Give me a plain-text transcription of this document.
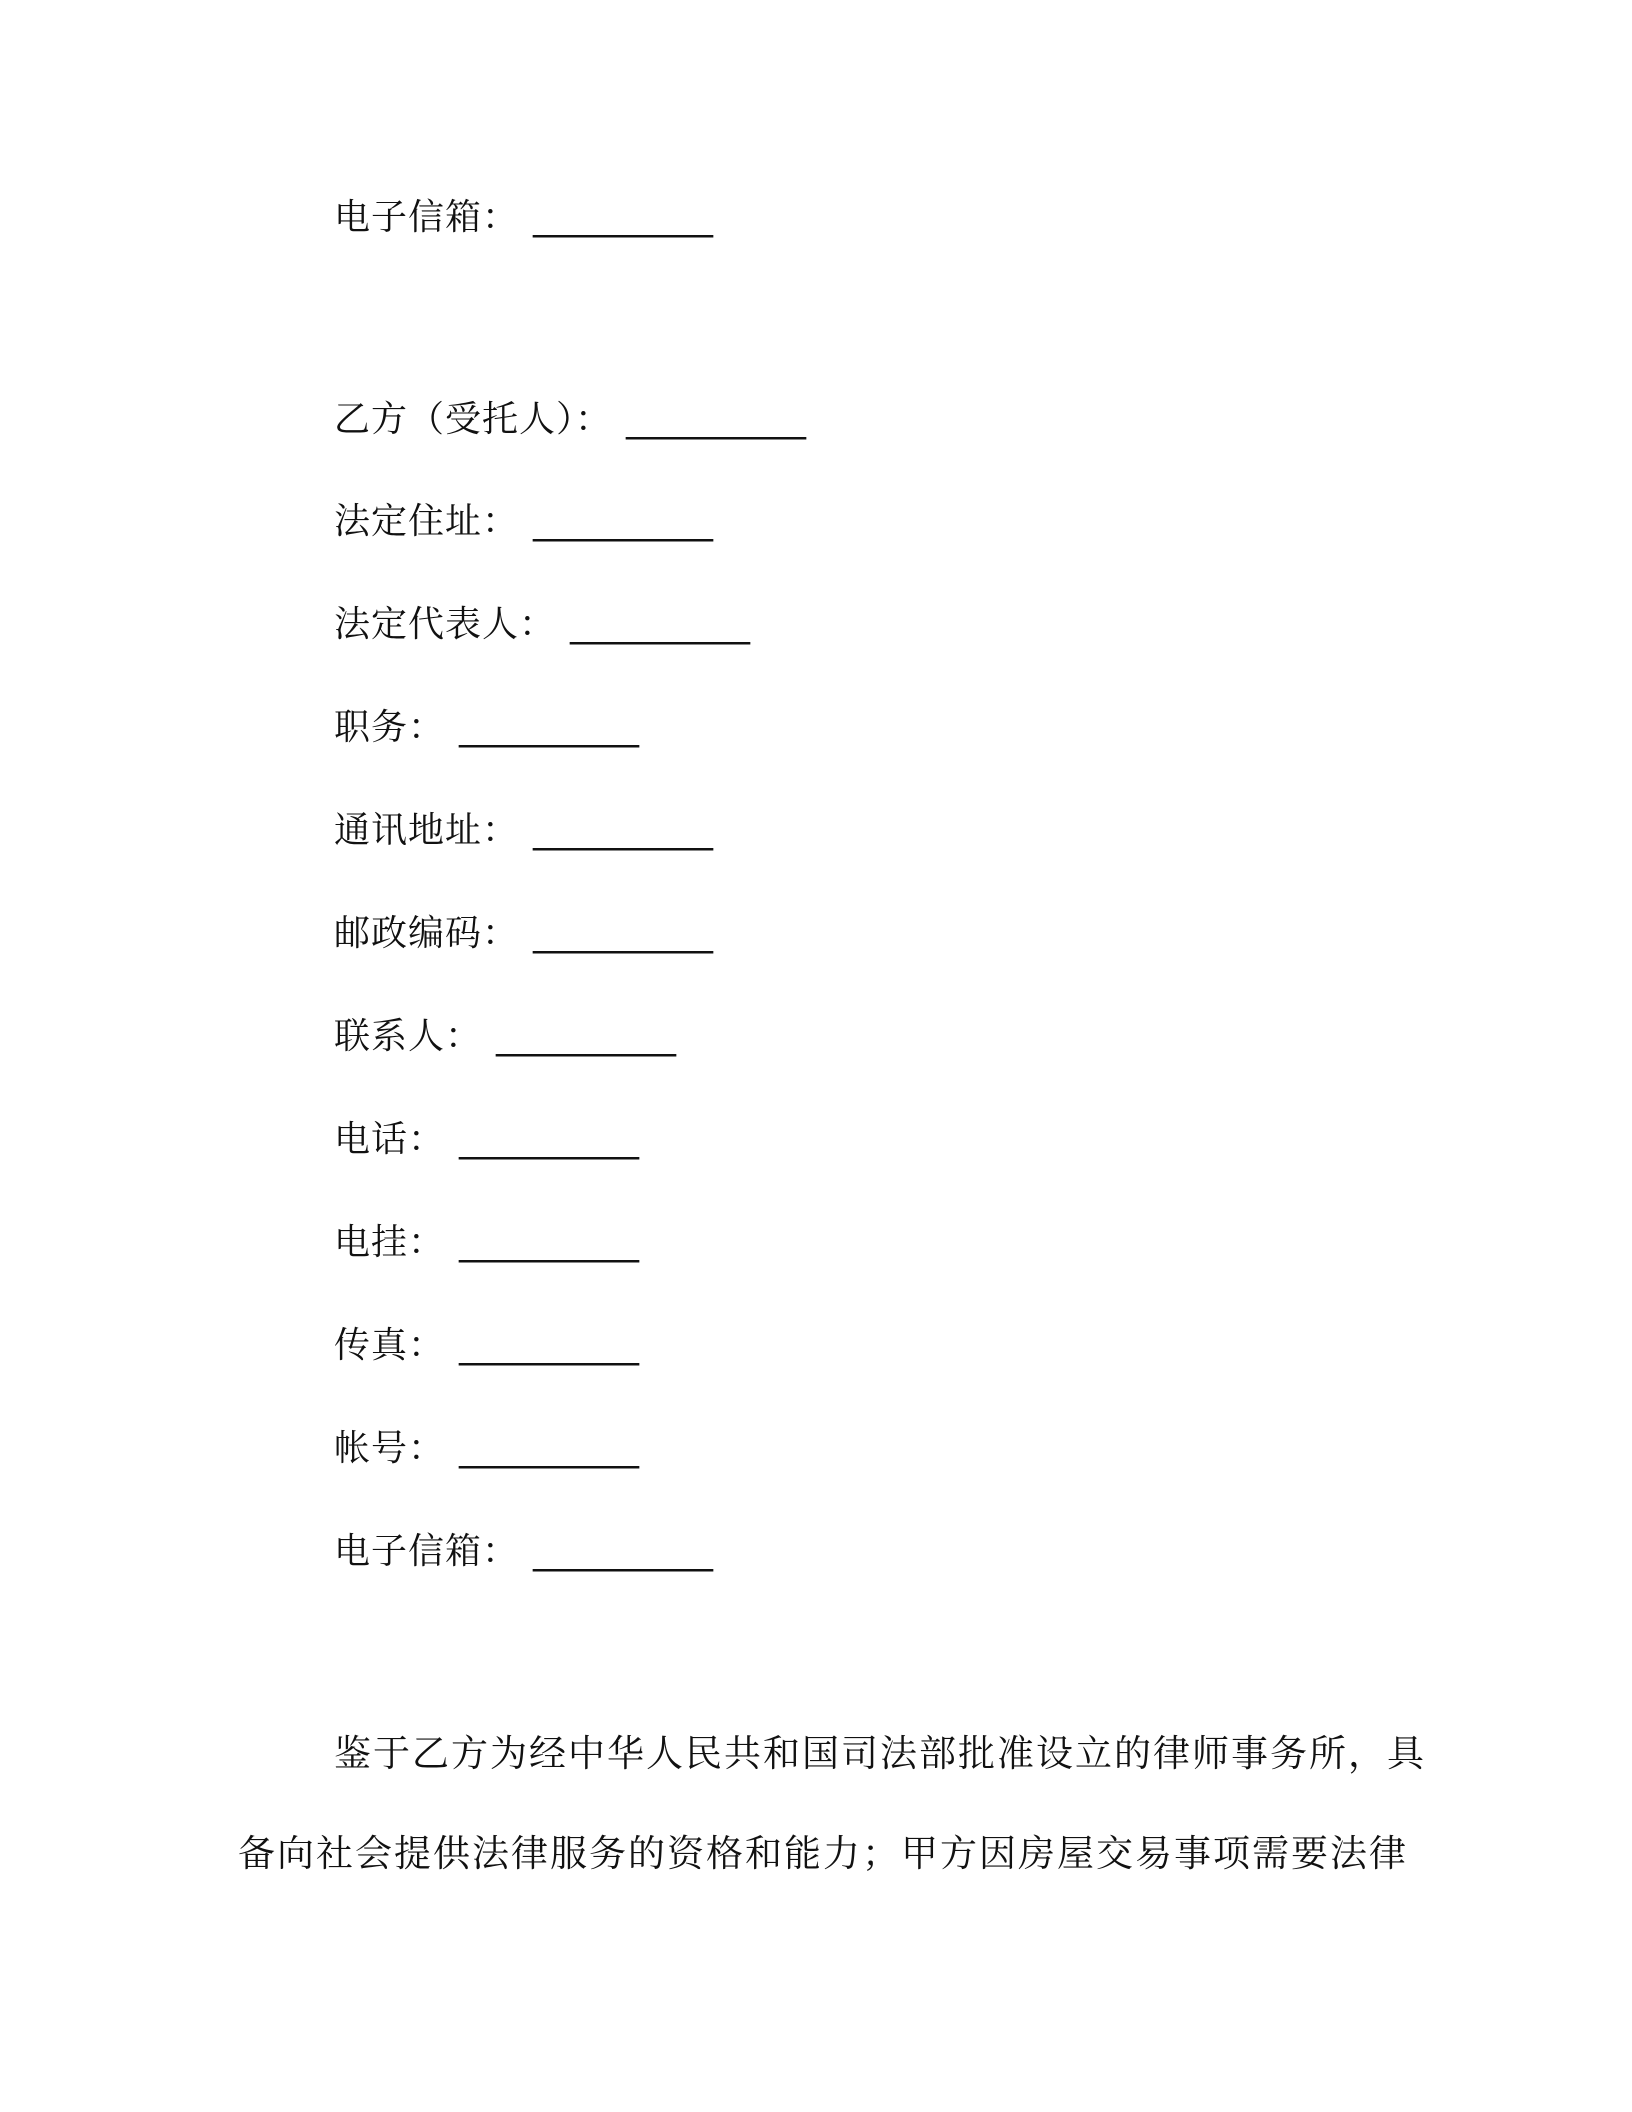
电子信箱： __________
乙方（受托人）： __________
法定住址： __________
法定代表人： __________
职务： __________
通讯地址： __________
邮政编码： __________
联系人： __________
电话： __________
电挂： __________
传真： __________
帐号： __________
电子信箱： __________
鉴于乙方为经中华人民共和国司法部批准设立的律师事务所，具
备向社会提供法律服务的资格和能力；甲方因房屋交易事项需要法律
